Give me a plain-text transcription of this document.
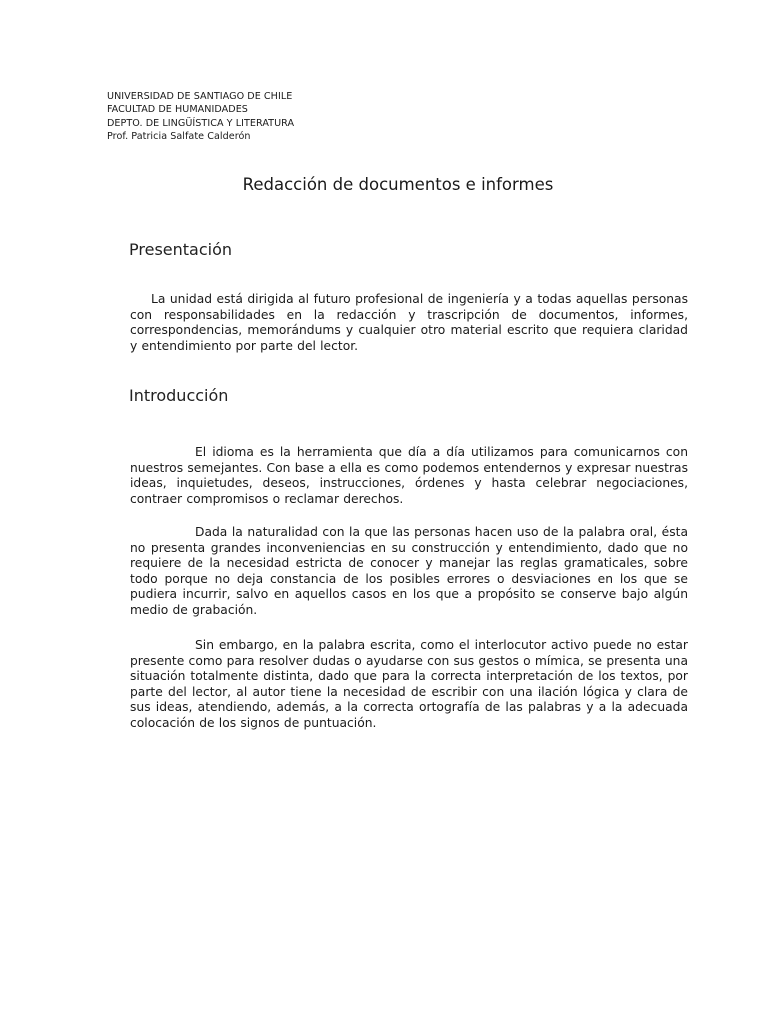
UNIVERSIDAD DE SANTIAGO DE CHILE
FACULTAD DE HUMANIDADES
DEPTO. DE LINGÜÍSTICA Y LITERATURA
Prof. Patricia Salfate Calderón
Redacción de documentos e informes
Presentación

La unidad está dirigida al futuro profesional de ingeniería y a todas aquellas personas con responsabilidades en la redacción y trascripción de documentos, informes, correspondencias, memorándums y cualquier otro material escrito que requiera claridad y entendimiento por parte del lector.

Introducción

El idioma es la herramienta que día a día utilizamos para comunicarnos con nuestros semejantes. Con base a ella es como podemos entendernos y expresar nuestras ideas, inquietudes, deseos, instrucciones, órdenes y hasta celebrar negociaciones, contraer compromisos o reclamar derechos.

Dada la naturalidad con la que las personas hacen uso de la palabra oral, ésta no presenta grandes inconveniencias en su construcción y entendimiento, dado que no requiere de la necesidad estricta de conocer y manejar las reglas gramaticales, sobre todo porque no deja constancia de los posibles errores o desviaciones en los que se pudiera incurrir, salvo en aquellos casos en los que a propósito se conserve bajo algún medio de grabación.

Sin embargo, en la palabra escrita, como el interlocutor activo puede no estar presente como para resolver dudas o ayudarse con sus gestos o mímica, se presenta una situación totalmente distinta, dado que para la correcta interpretación de los textos, por parte del lector, al autor tiene la necesidad de escribir con una ilación lógica y clara de sus ideas, atendiendo, además, a la correcta ortografía de las palabras y a la adecuada colocación de los signos de puntuación.
